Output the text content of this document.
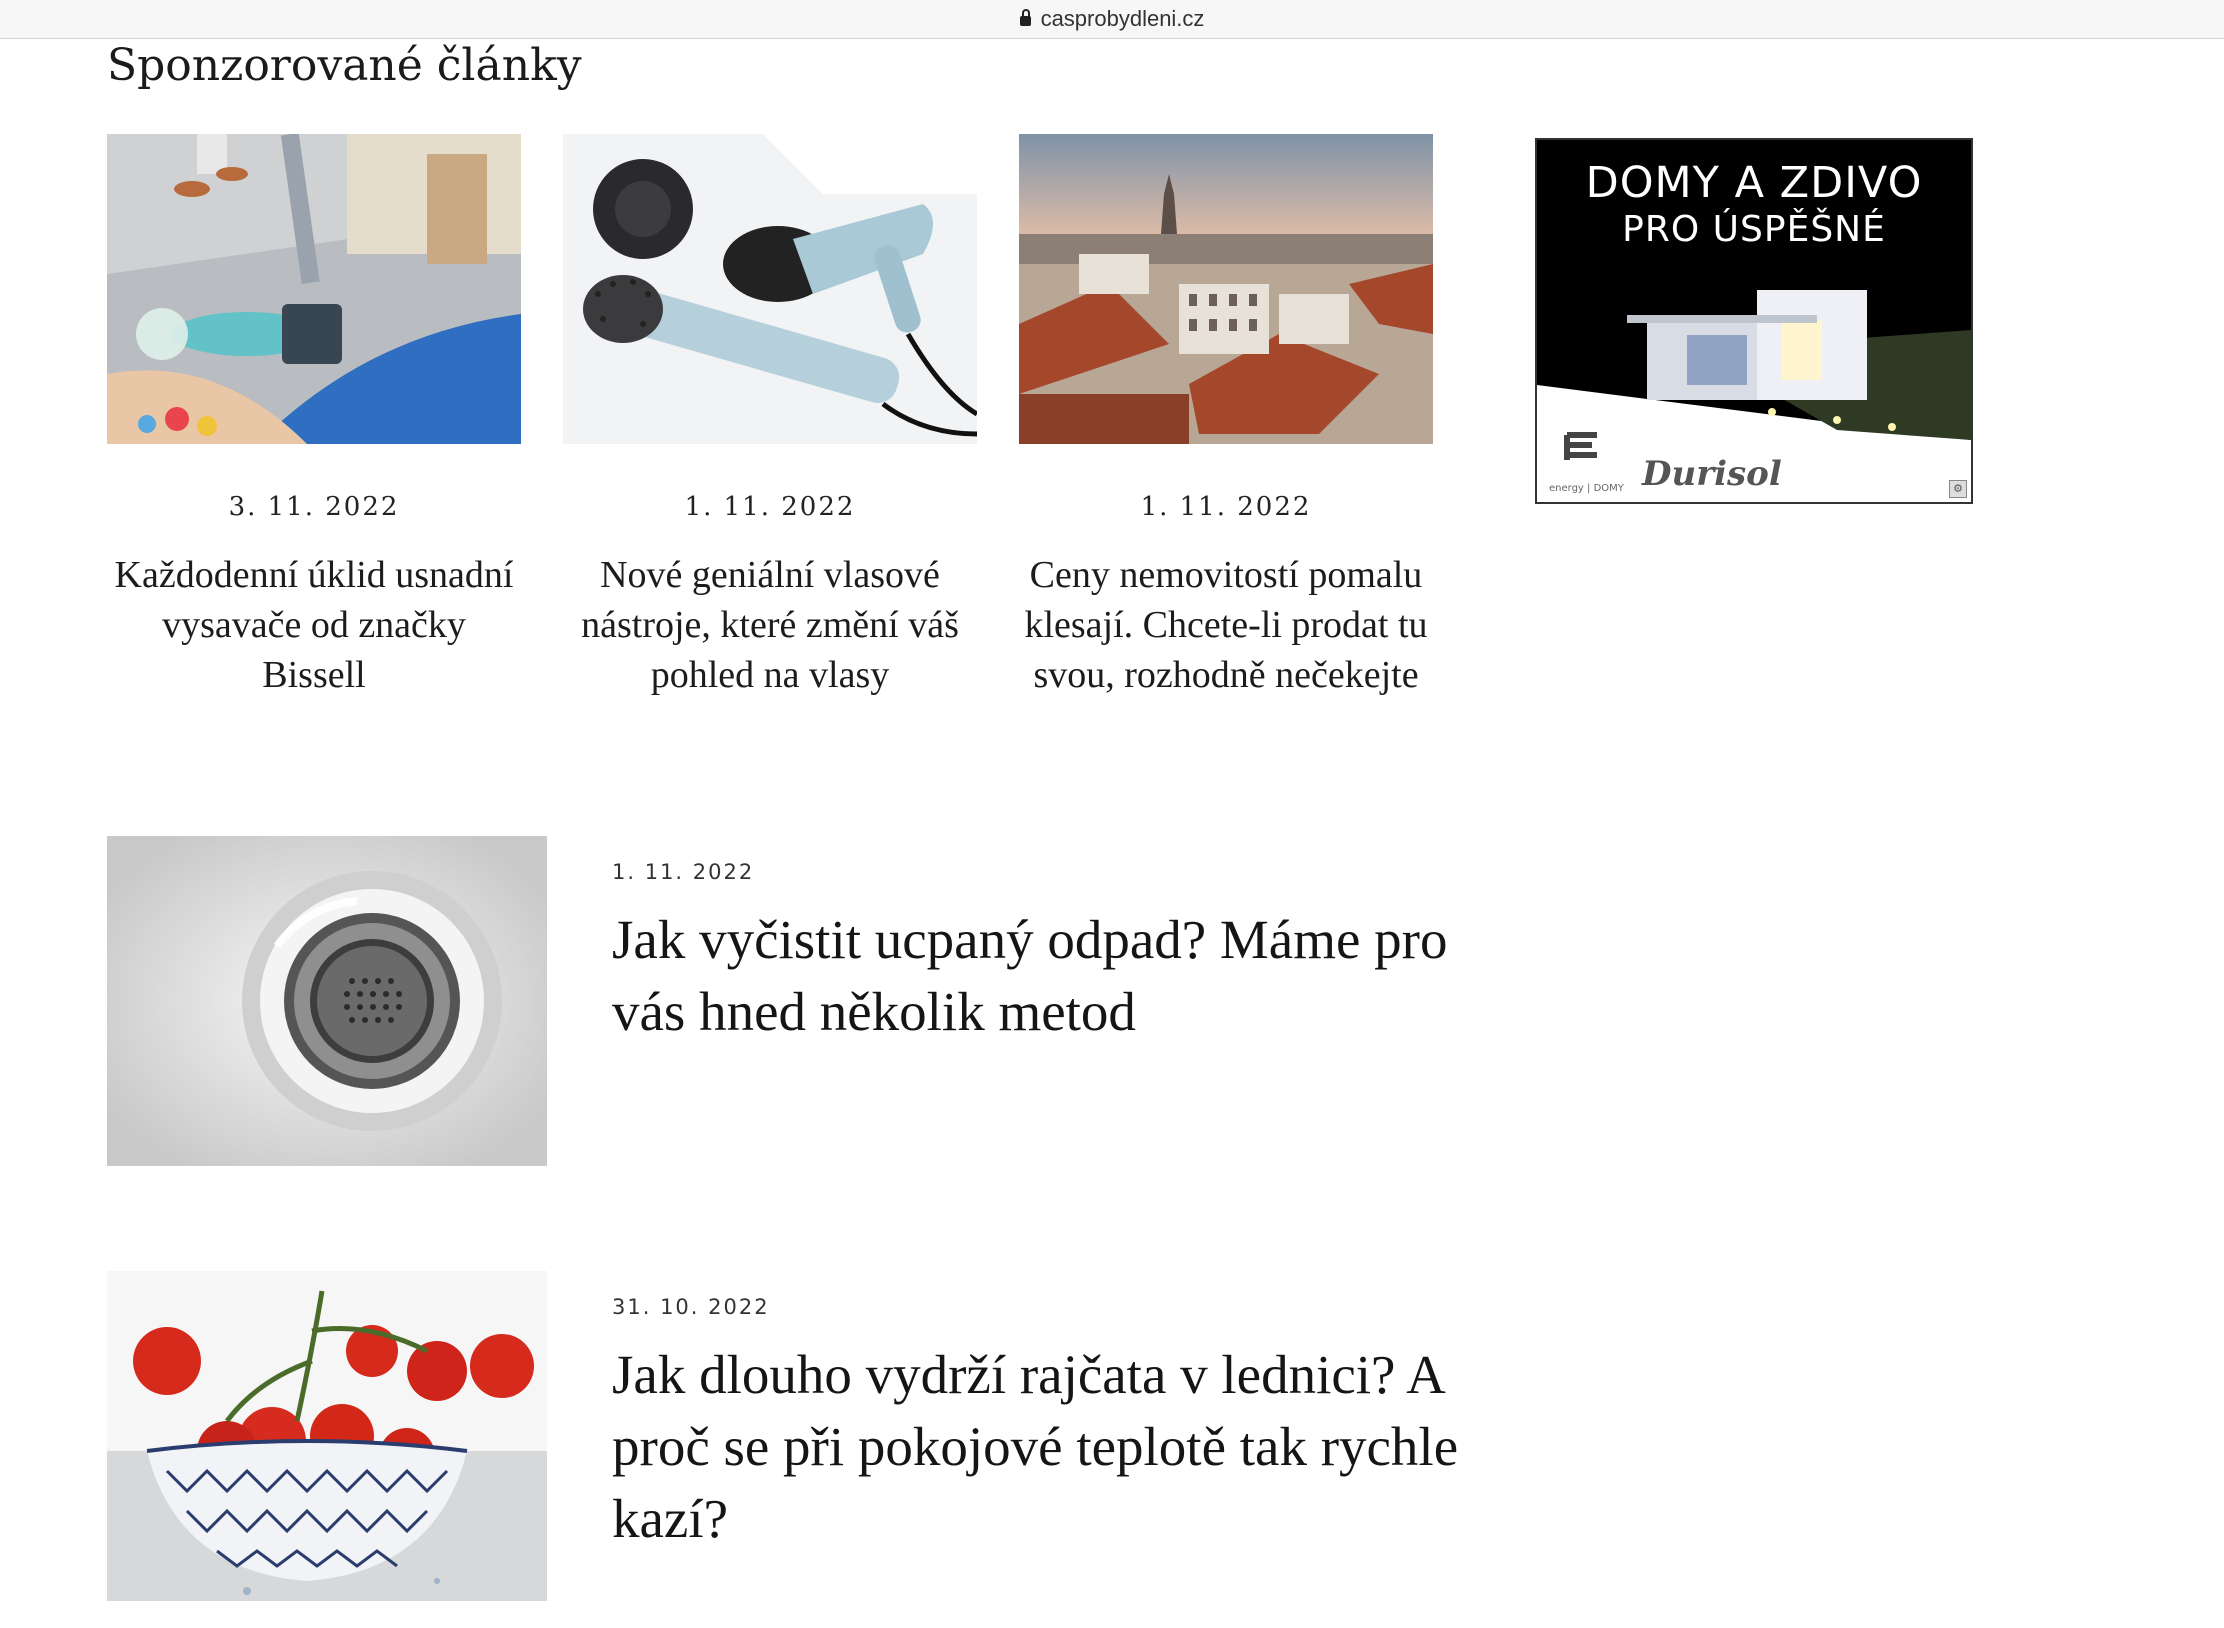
casprobydleni.cz
Sponzorované články
3. 11. 2022
Každodenní úklid usnadní vysavače od značky Bissell
1. 11. 2022
Nové geniální vlasové nástroje, které změní váš pohled na vlasy
1. 11. 2022
Ceny nemovitostí pomalu klesají. Chcete-li prodat tu svou, rozhodně nečekejte
DOMY A ZDIVO
PRO ÚSPĚŠNÉ
energy | DOMY Durisol	⚙
1. 11. 2022
Jak vyčistit ucpaný odpad? Máme pro vás hned několik metod
31. 10. 2022
Jak dlouho vydrží rajčata v lednici? A proč se při pokojové teplotě tak rychle kazí?
